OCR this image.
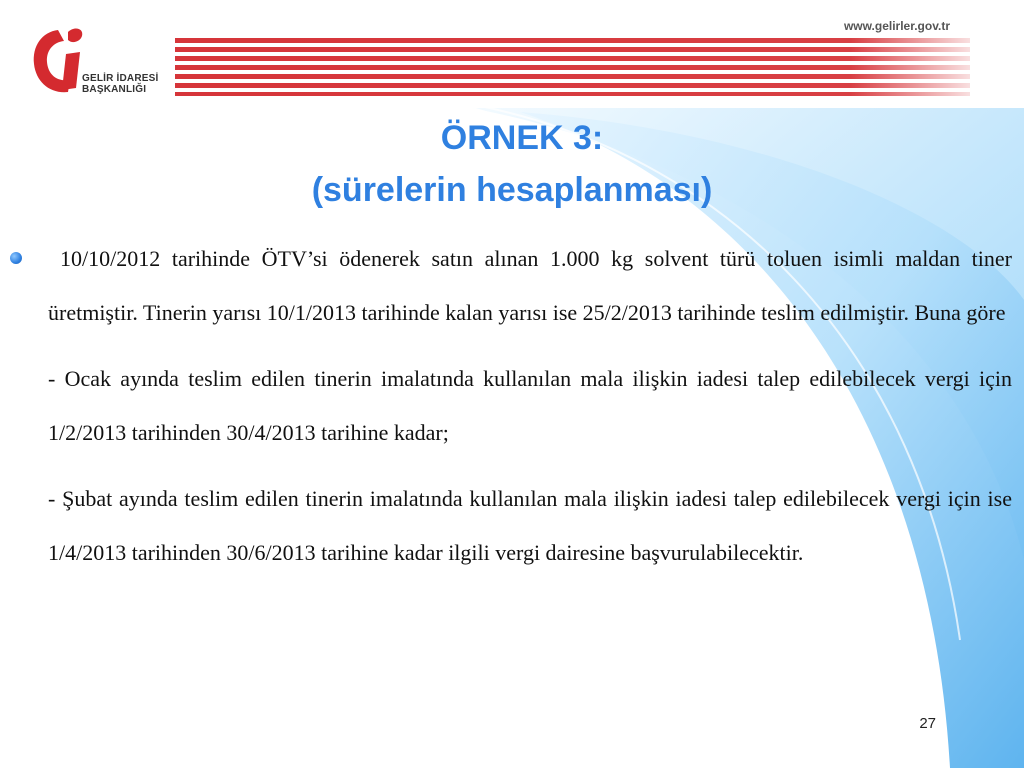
GELİR İDARESİ
BAŞKANLIĞI
www.gelirler.gov.tr
ÖRNEK 3:
(sürelerin hesaplanması)
10/10/2012 tarihinde ÖTV’si ödenerek satın alınan 1.000 kg solvent türü toluen isimli maldan tiner üretmiştir. Tinerin yarısı 10/1/2013 tarihinde kalan yarısı ise 25/2/2013 tarihinde teslim edilmiştir. Buna göre
- Ocak ayında teslim edilen tinerin imalatında kullanılan mala ilişkin iadesi talep edilebilecek vergi için 1/2/2013 tarihinden 30/4/2013 tarihine kadar;
- Şubat ayında teslim edilen tinerin imalatında kullanılan mala ilişkin iadesi talep edilebilecek vergi için ise 1/4/2013 tarihinden 30/6/2013 tarihine kadar ilgili vergi dairesine başvurulabilecektir.
27
